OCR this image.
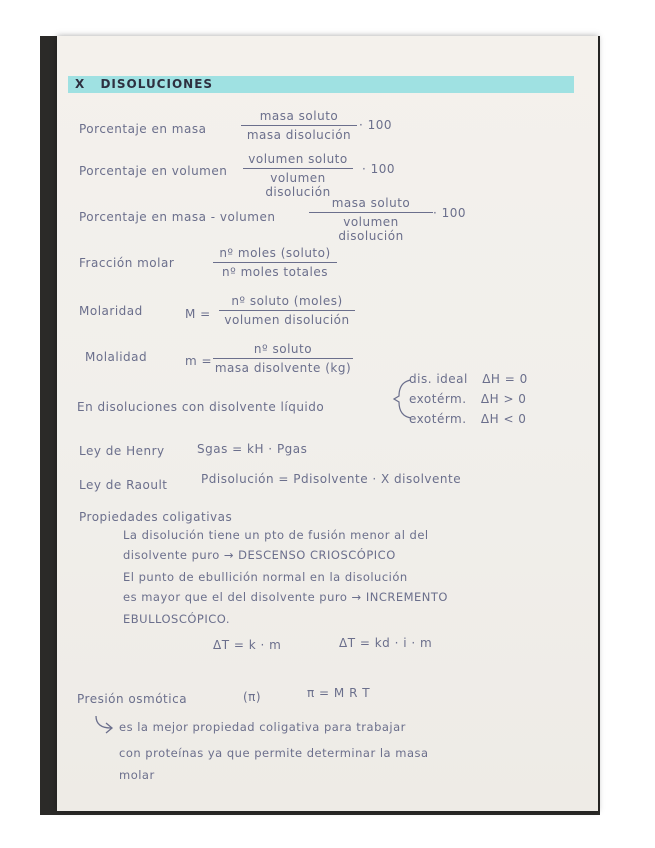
X DISOLUCIONES
Porcentaje en masa
masa soluto
masa disolución
· 100
Porcentaje en volumen
volumen soluto
volumen disolución
· 100
Porcentaje en masa - volumen
masa soluto
volumen disolución
· 100
Fracción molar
nº moles (soluto)
nº moles totales
Molaridad	M =
nº soluto (moles)
volumen disolución
Molalidad	m =
nº soluto
masa disolvente (kg)
En disoluciones con disolvente líquido
dis. ideal ΔH = 0
exotérm. ΔH > 0
exotérm. ΔH < 0
Ley de Henry	Sgas = kH · Pgas
Ley de Raoult	Pdisolución = Pdisolvente · X disolvente
Propiedades coligativas
La disolución tiene un pto de fusión menor al del
disolvente puro → DESCENSO CRIOSCÓPICO
El punto de ebullición normal en la disolución
es mayor que el del disolvente puro → INCREMENTO
EBULLOSCÓPICO.
ΔT = k · m	ΔT = kd · i · m
Presión osmótica	(π)	π = M R T
es la mejor propiedad coligativa para trabajar
con proteínas ya que permite determinar la masa
molar
